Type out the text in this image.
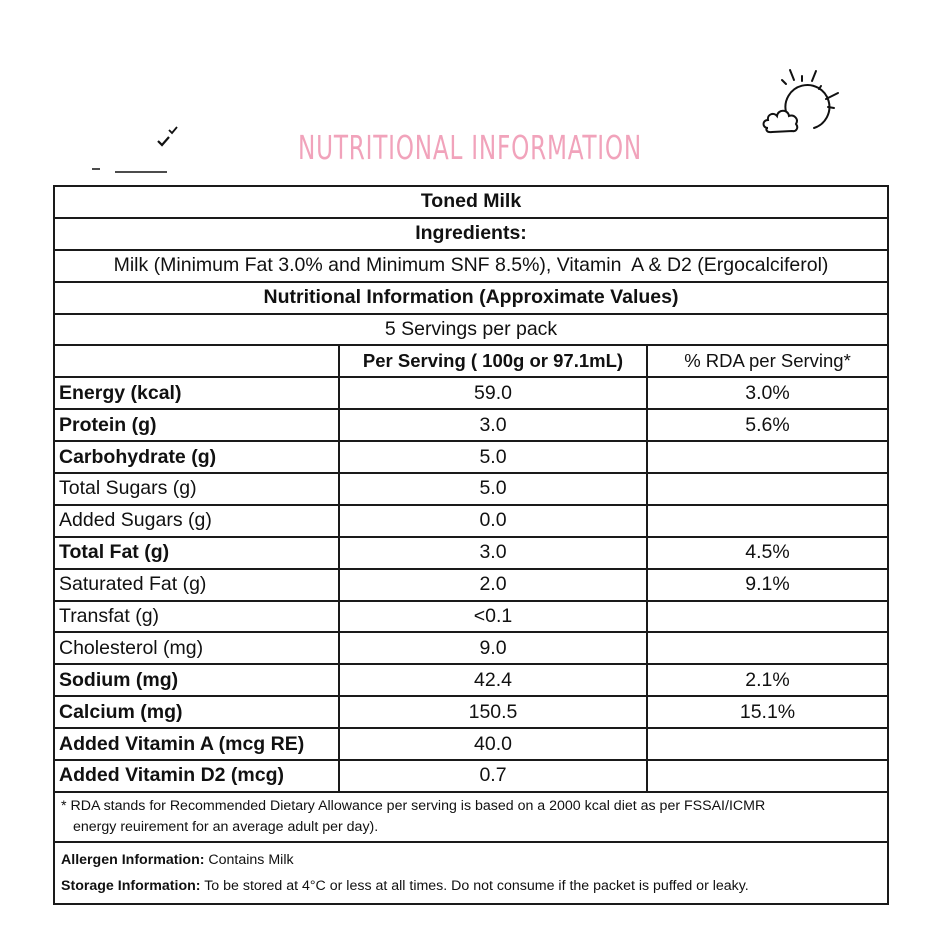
NUTRITIONAL INFORMATION
Toned Milk		
Ingredients:		
Milk (Minimum Fat 3.0% and Minimum SNF 8.5%), Vitamin  A & D2 (Ergocalciferol)		
Nutritional Information (Approximate Values)		
5 Servings per pack		
	Per Serving ( 100g or 97.1mL)	% RDA per Serving*
Energy (kcal)	59.0	3.0%
Protein (g)	3.0	5.6%
Carbohydrate (g)	5.0	
Total Sugars (g)	5.0	
Added Sugars (g)	0.0	
Total Fat (g)	3.0	4.5%
Saturated Fat (g)	2.0	9.1%
Transfat (g)	<0.1	
Cholesterol (mg)	9.0	
Sodium (mg)	42.4	2.1%
Calcium (mg)	150.5	15.1%
Added Vitamin A (mcg RE)	40.0	
Added Vitamin D2 (mcg)	0.7	
* RDA stands for Recommended Dietary Allowance per serving is based on a 2000 kcal diet as per FSSAI/ICMR
energy reuirement for an average adult per day).		

Allergen Information: Contains Milk
Storage Information: To be stored at 4°C or less at all times. Do not consume if the packet is puffed or leaky.		
